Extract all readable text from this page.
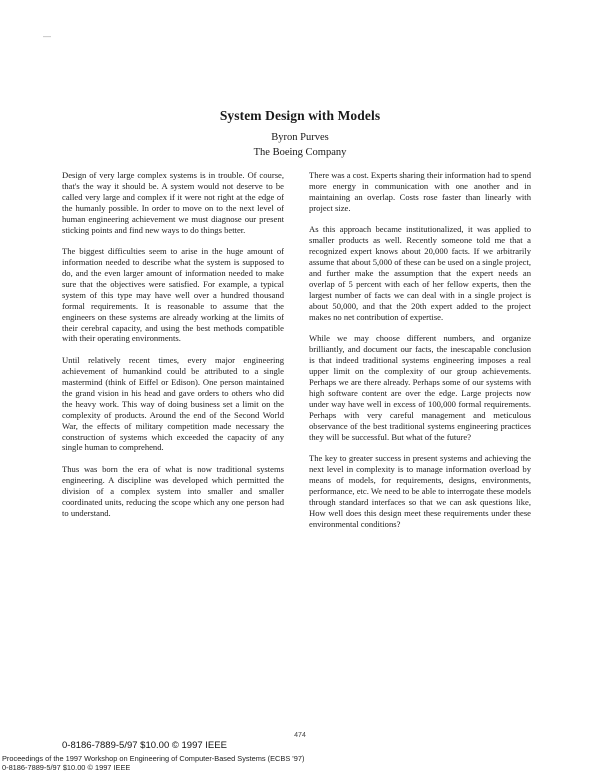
—
System Design with Models
Byron Purves
The Boeing Company

Design of very large complex systems is in trouble. Of course, that's the way it should be. A system would not deserve to be called very large and complex if it were not right at the edge of the humanly possible. In order to move on to the next level of human engineering achievement we must diagnose our present sticking points and find new ways to do things better.

The biggest difficulties seem to arise in the huge amount of information needed to describe what the system is supposed to do, and the even larger amount of information needed to make sure that the objectives were satisfied. For example, a typical system of this type may have well over a hundred thousand formal requirements. It is reasonable to assume that the engineers on these systems are already working at the limits of their cerebral capacity, and using the best methods compatible with their operating environments.

Until relatively recent times, every major engineering achievement of humankind could be attributed to a single mastermind (think of Eiffel or Edison). One person maintained the grand vision in his head and gave orders to others who did the heavy work. This way of doing business set a limit on the complexity of products. Around the end of the Second World War, the effects of military competition made necessary the construction of systems which exceeded the capacity of any single human to comprehend.

Thus was born the era of what is now traditional systems engineering. A discipline was developed which permitted the division of a complex system into smaller and smaller coordinated units, reducing the scope which any one person had to understand.

There was a cost. Experts sharing their information had to spend more energy in communication with one another and in maintaining an overlap. Costs rose faster than linearly with project size.

As this approach became institutionalized, it was applied to smaller products as well. Recently someone told me that a recognized expert knows about 20,000 facts. If we arbitrarily assume that about 5,000 of these can be used on a single project, and further make the assumption that the expert needs an overlap of 5 percent with each of her fellow experts, then the largest number of facts we can deal with in a single project is about 50,000, and that the 20th expert added to the project makes no net contribution of expertise.

While we may choose different numbers, and organize brilliantly, and document our facts, the inescapable conclusion is that indeed traditional systems engineering imposes a real upper limit on the complexity of our group achievements. Perhaps we are there already. Perhaps some of our systems with high software content are over the edge. Large projects now under way have well in excess of 100,000 formal requirements. Perhaps with very careful management and meticulous observance of the best traditional systems engineering practices they will be successful. But what of the future?

The key to greater success in present systems and achieving the next level in complexity is to manage information overload by means of models, for requirements, designs, environments, performance, etc. We need to be able to interrogate these models through standard interfaces so that we can ask questions like, How well does this design meet these requirements under these environmental conditions?

474
0-8186-7889-5/97 $10.00 © 1997 IEEE
Proceedings of the 1997 Workshop on Engineering of Computer-Based Systems (ECBS '97)
0-8186-7889-5/97 $10.00 © 1997 IEEE
